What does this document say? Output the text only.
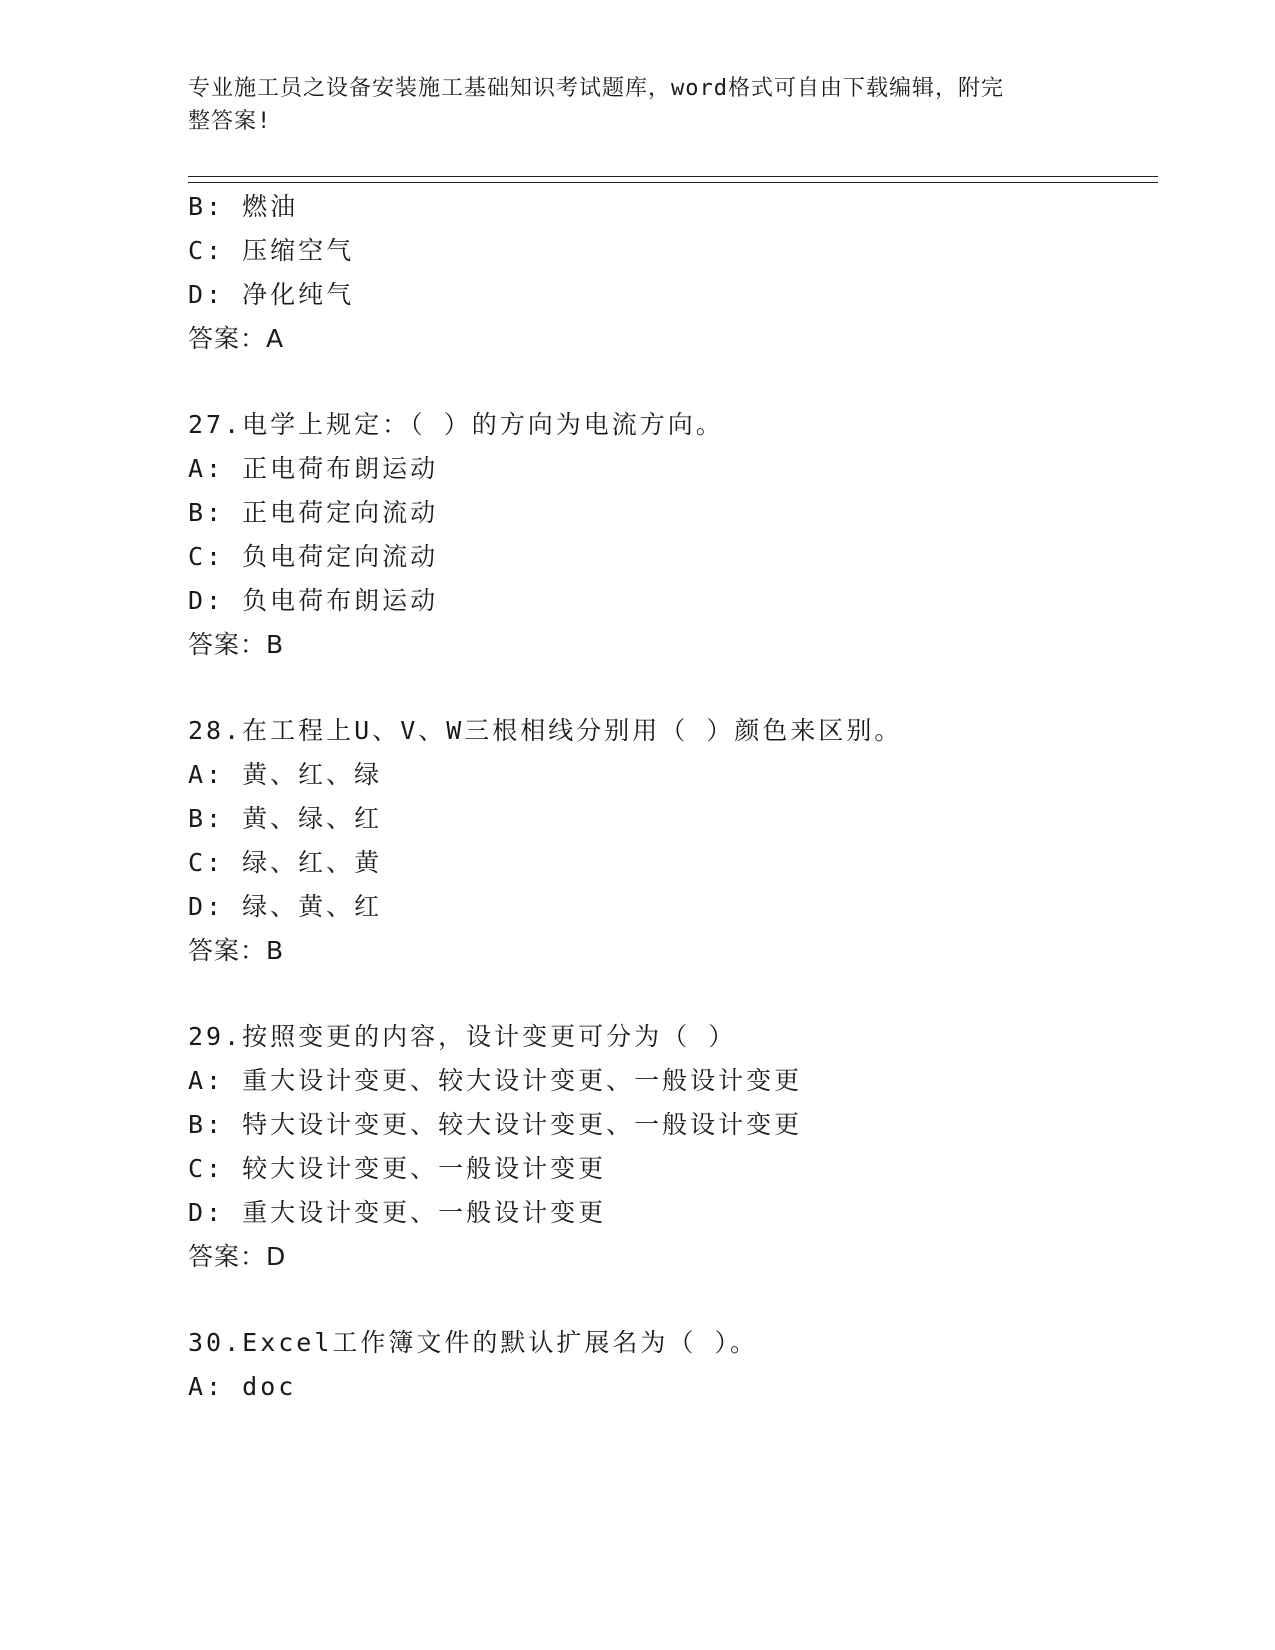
专业施工员之设备安装施工基础知识考试题库，word格式可自由下载编辑，附完
整答案!
B: 燃油
C: 压缩空气
D: 净化纯气
答案：A
27.电学上规定：（ ）的方向为电流方向。
A: 正电荷布朗运动
B: 正电荷定向流动
C: 负电荷定向流动
D: 负电荷布朗运动
答案：B
28.在工程上U、V、W三根相线分别用（ ）颜色来区别。
A: 黄、红、绿
B: 黄、绿、红
C: 绿、红、黄
D: 绿、黄、红
答案：B
29.按照变更的内容，设计变更可分为（ ）
A: 重大设计变更、较大设计变更、一般设计变更
B: 特大设计变更、较大设计变更、一般设计变更
C: 较大设计变更、一般设计变更
D: 重大设计变更、一般设计变更
答案：D
30.Excel工作簿文件的默认扩展名为（ ）。
A: doc
